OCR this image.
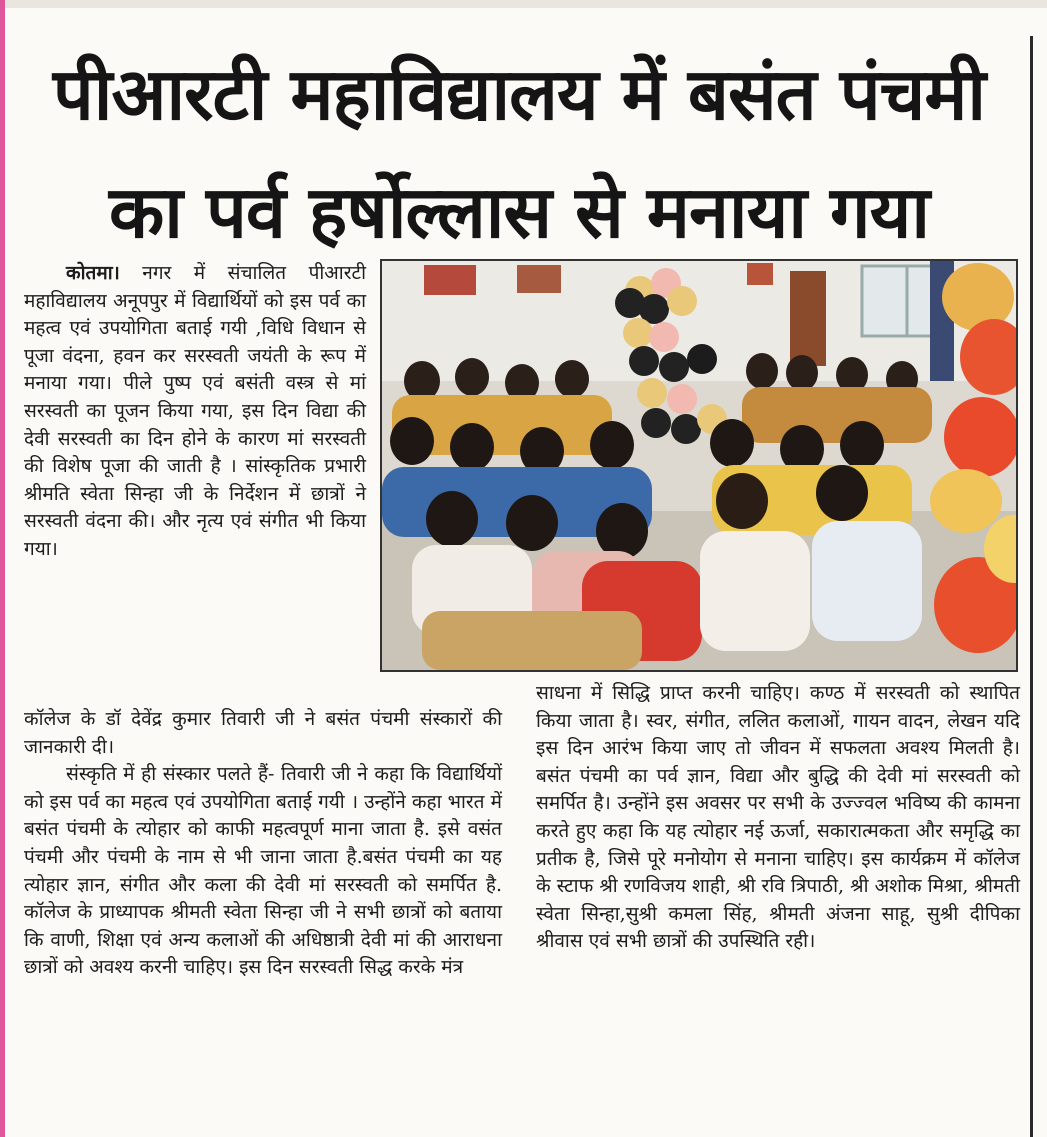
पीआरटी महाविद्यालय में बसंत पंचमी
का पर्व हर्षोल्लास से मनाया गया

कोतमा। नगर में संचालित पीआरटी महाविद्यालय अनूपपुर में विद्यार्थियों को इस पर्व का महत्व एवं उपयोगिता बताई गयी ,विधि विधान से पूजा वंदना, हवन कर सरस्वती जयंती के रूप में मनाया गया। पीले पुष्प एवं बसंती वस्त्र से मां सरस्वती का पूजन किया गया, इस दिन विद्या की देवी सरस्वती का दिन होने के कारण मां सरस्वती की विशेष पूजा की जाती है । सांस्कृतिक प्रभारी श्रीमति स्वेता सिन्हा जी के निर्देशन में छात्रों ने सरस्वती वंदना की। और नृत्य एवं संगीत भी किया गया।

कॉलेज के डॉ देवेंद्र कुमार तिवारी जी ने बसंत पंचमी संस्कारों की जानकारी दी।

संस्कृति में ही संस्कार पलते हैं- तिवारी जी ने कहा कि विद्यार्थियों को इस पर्व का महत्व एवं उपयोगिता बताई गयी । उन्होंने कहा भारत में बसंत पंचमी के त्योहार को काफी महत्वपूर्ण माना जाता है. इसे वसंत पंचमी और पंचमी के नाम से भी जाना जाता है.बसंत पंचमी का यह त्योहार ज्ञान, संगीत और कला की देवी मां सरस्वती को समर्पित है. कॉलेज के प्राध्यापक श्रीमती स्वेता सिन्हा जी ने सभी छात्रों को बताया कि वाणी, शिक्षा एवं अन्य कलाओं की अधिष्ठात्री देवी मां की आराधना छात्रों को अवश्य करनी चाहिए। इस दिन सरस्वती सिद्ध करके मंत्र

साधना में सिद्धि प्राप्त करनी चाहिए। कण्ठ में सरस्वती को स्थापित किया जाता है। स्वर, संगीत, ललित कलाओं, गायन वादन, लेखन यदि इस दिन आरंभ किया जाए तो जीवन में सफलता अवश्य मिलती है। बसंत पंचमी का पर्व ज्ञान, विद्या और बुद्धि की देवी मां सरस्वती को समर्पित है। उन्होंने इस अवसर पर सभी के उज्ज्वल भविष्य की कामना करते हुए कहा कि यह त्योहार नई ऊर्जा, सकारात्मकता और समृद्धि का प्रतीक है, जिसे पूरे मनोयोग से मनाना चाहिए। इस कार्यक्रम में कॉलेज के स्टाफ श्री रणविजय शाही, श्री रवि त्रिपाठी, श्री अशोक मिश्रा, श्रीमती स्वेता सिन्हा,सुश्री कमला सिंह, श्रीमती अंजना साहू, सुश्री दीपिका श्रीवास एवं सभी छात्रों की उपस्थिति रही।
